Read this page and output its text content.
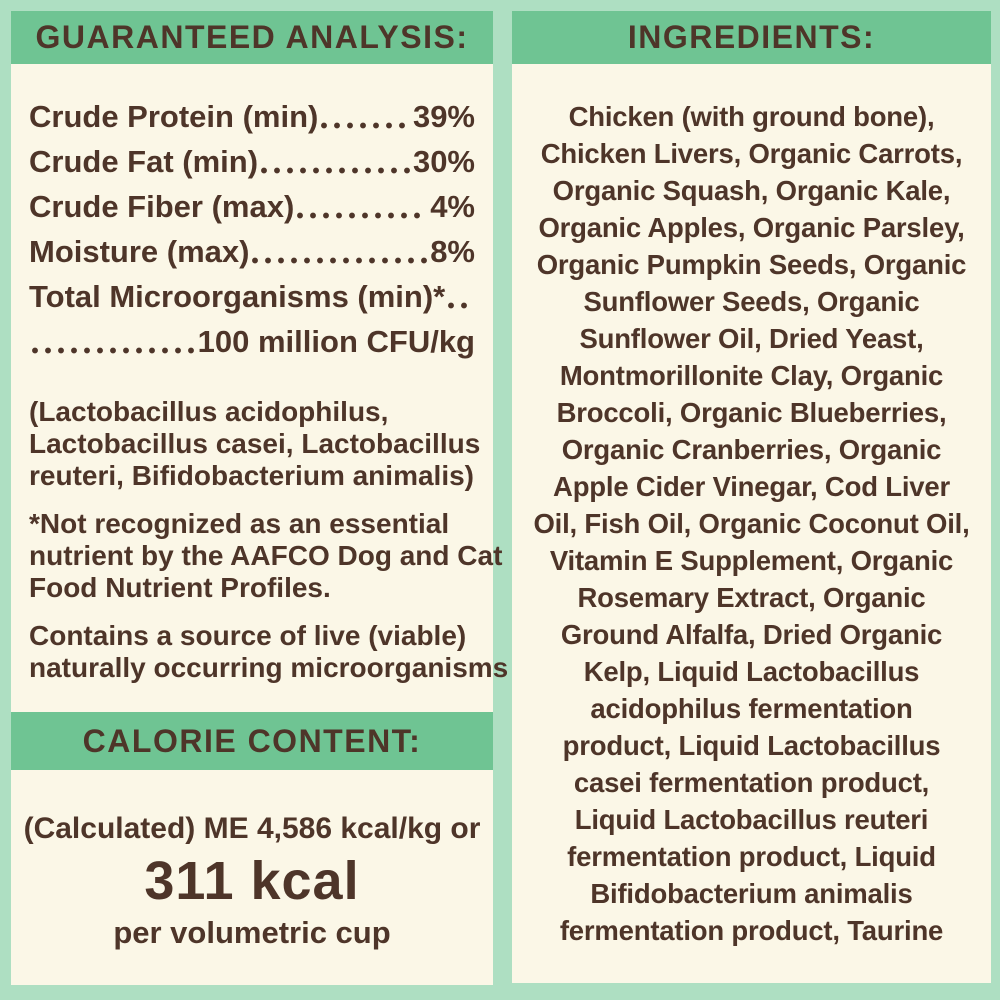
GUARANTEED ANALYSIS:
Crude Protein (min)	39%
Crude Fat (min)	30%
Crude Fiber (max)	4%
Moisture (max)	8%
Total Microorganisms (min)*
100 million CFU/kg
(Lactobacillus acidophilus,
Lactobacillus casei, Lactobacillus
reuteri, Bifidobacterium animalis)
*Not recognized as an essential
nutrient by the AAFCO Dog and Cat
Food Nutrient Profiles.
Contains a source of live (viable)
naturally occurring microorganisms
CALORIE CONTENT:
(Calculated) ME 4,586 kcal/kg or
311 kcal
per volumetric cup
INGREDIENTS:
Chicken (with ground bone),
Chicken Livers, Organic Carrots,
Organic Squash, Organic Kale,
Organic Apples, Organic Parsley,
Organic Pumpkin Seeds, Organic
Sunflower Seeds, Organic
Sunflower Oil, Dried Yeast,
Montmorillonite Clay, Organic
Broccoli, Organic Blueberries,
Organic Cranberries, Organic
Apple Cider Vinegar, Cod Liver
Oil, Fish Oil, Organic Coconut Oil,
Vitamin E Supplement, Organic
Rosemary Extract, Organic
Ground Alfalfa, Dried Organic
Kelp, Liquid Lactobacillus
acidophilus fermentation
product, Liquid Lactobacillus
casei fermentation product,
Liquid Lactobacillus reuteri
fermentation product, Liquid
Bifidobacterium animalis
fermentation product, Taurine
